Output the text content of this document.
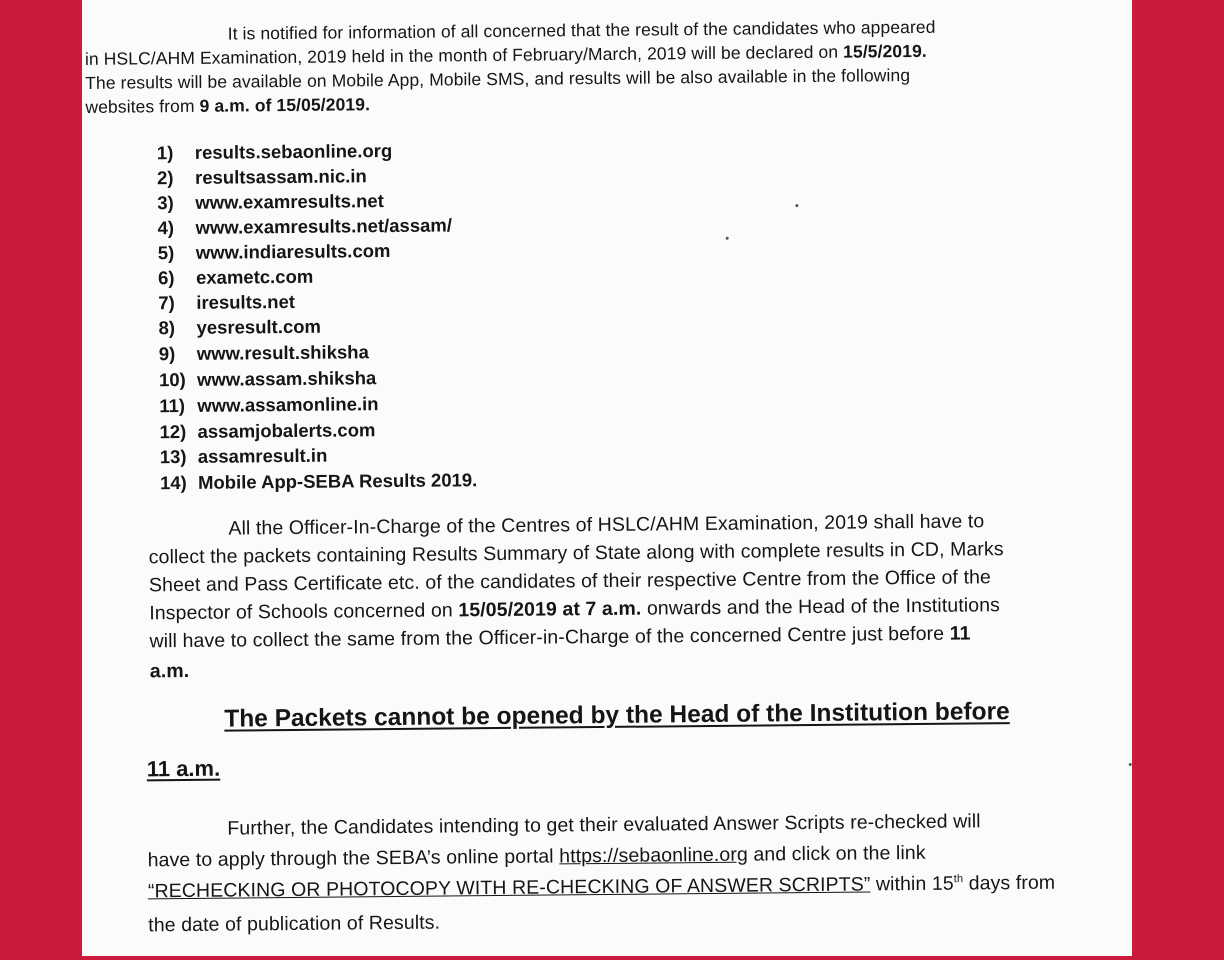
It is notified for information of all concerned that the result of the candidates who appeared
in HSLC/AHM Examination, 2019 held in the month of February/March, 2019 will be declared on 15/5/2019.
The results will be available on Mobile App, Mobile SMS, and results will be also available in the following
websites from 9 a.m. of 15/05/2019.
1) results.sebaonline.org
2) resultsassam.nic.in
3) www.examresults.net
4) www.examresults.net/assam/
5) www.indiaresults.com
6) exametc.com
7) iresults.net
8) yesresult.com
9) www.result.shiksha
10) www.assam.shiksha
11) www.assamonline.in
12) assamjobalerts.com
13) assamresult.in
14) Mobile App-SEBA Results 2019.
All the Officer-In-Charge of the Centres of HSLC/AHM Examination, 2019 shall have to
collect the packets containing Results Summary of State along with complete results in CD, Marks
Sheet and Pass Certificate etc. of the candidates of their respective Centre from the Office of the
Inspector of Schools concerned on 15/05/2019 at 7 a.m. onwards and the Head of the Institutions
will have to collect the same from the Officer-in-Charge of the concerned Centre just before 11
a.m.
The Packets cannot be opened by the Head of the Institution before
11 a.m.
Further, the Candidates intending to get their evaluated Answer Scripts re-checked will
have to apply through the SEBA’s online portal https://sebaonline.org and click on the link
“RECHECKING OR PHOTOCOPY WITH RE-CHECKING OF ANSWER SCRIPTS” within 15th days from
the date of publication of Results.
